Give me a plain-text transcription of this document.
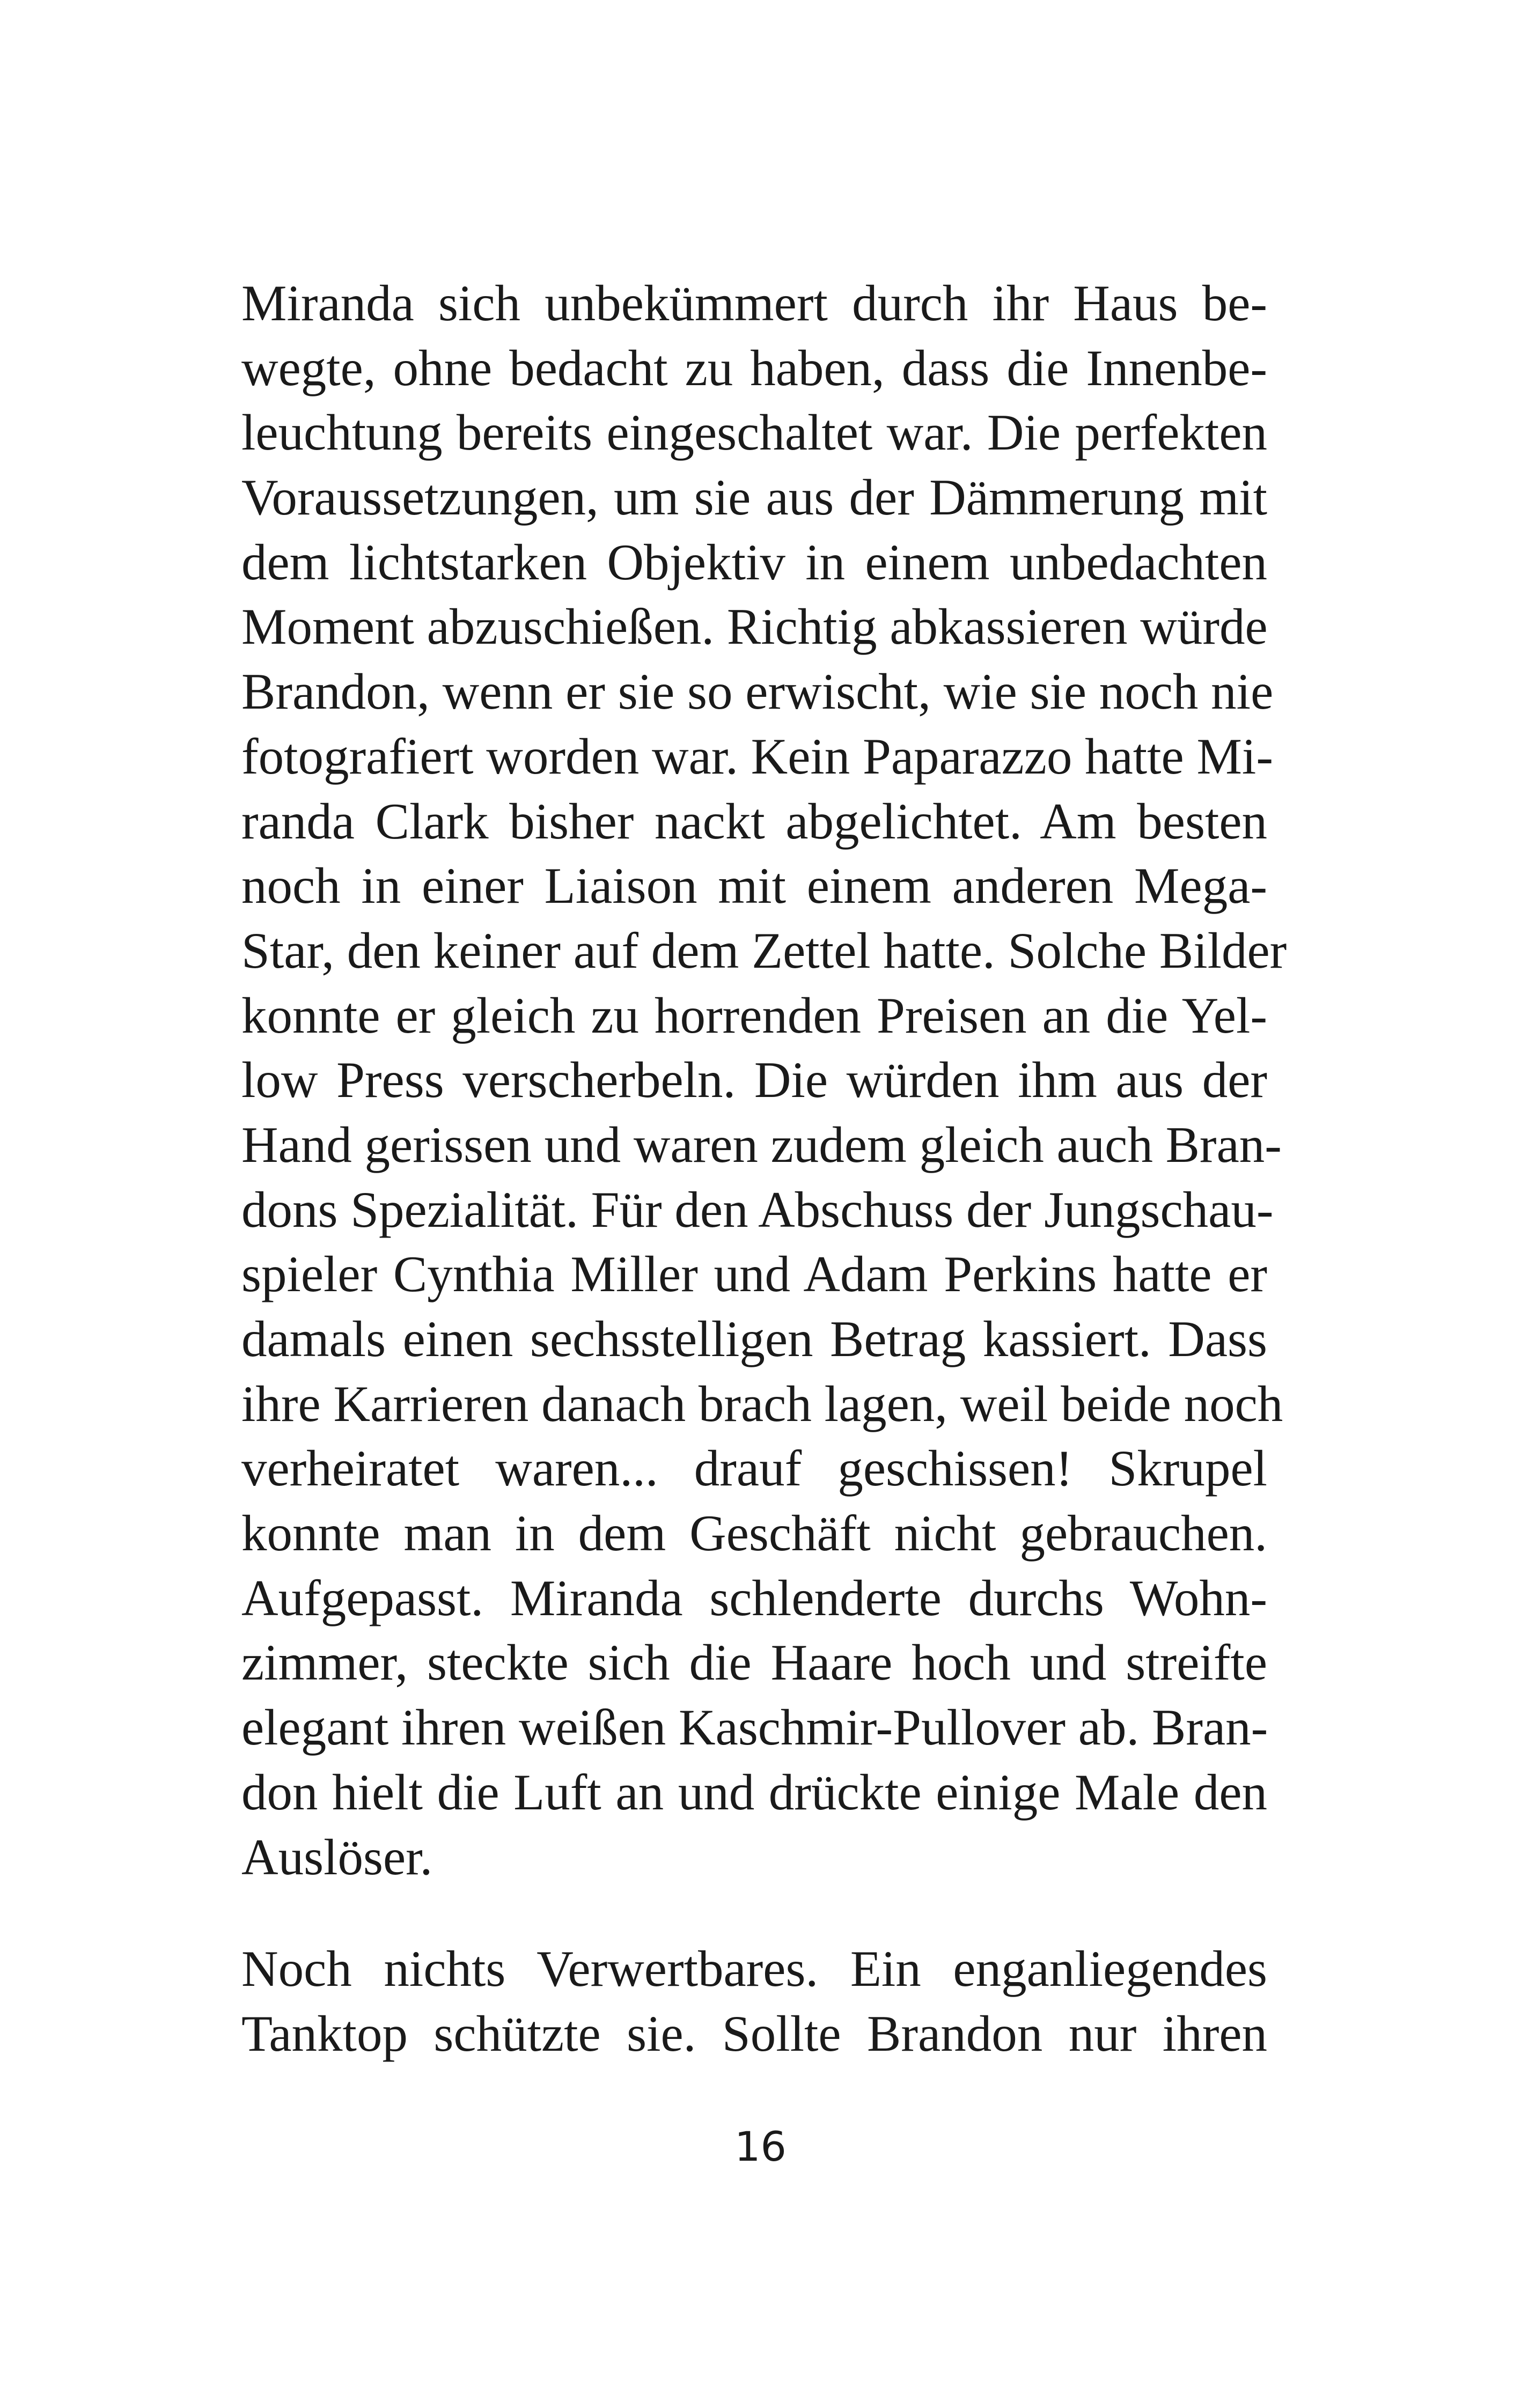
Miranda sich unbekümmert durch ihr Haus be-
wegte, ohne bedacht zu haben, dass die Innenbe-
leuchtung bereits eingeschaltet war. Die perfekten
Voraussetzungen, um sie aus der Dämmerung mit
dem lichtstarken Objektiv in einem unbedachten
Moment abzuschießen. Richtig abkassieren würde
Brandon, wenn er sie so erwischt, wie sie noch nie
fotografiert worden war. Kein Paparazzo hatte Mi-
randa Clark bisher nackt abgelichtet. Am besten
noch in einer Liaison mit einem anderen Mega-
Star, den keiner auf dem Zettel hatte. Solche Bilder
konnte er gleich zu horrenden Preisen an die Yel-
low Press verscherbeln. Die würden ihm aus der
Hand gerissen und waren zudem gleich auch Bran-
dons Spezialität. Für den Abschuss der Jungschau-
spieler Cynthia Miller und Adam Perkins hatte er
damals einen sechsstelligen Betrag kassiert. Dass
ihre Karrieren danach brach lagen, weil beide noch
verheiratet waren... drauf geschissen! Skrupel
konnte man in dem Geschäft nicht gebrauchen.
Aufgepasst. Miranda schlenderte durchs Wohn-
zimmer, steckte sich die Haare hoch und streifte
elegant ihren weißen Kaschmir-Pullover ab. Bran-
don hielt die Luft an und drückte einige Male den
Auslöser.
Noch nichts Verwertbares. Ein enganliegendes
Tanktop schützte sie. Sollte Brandon nur ihren
16
